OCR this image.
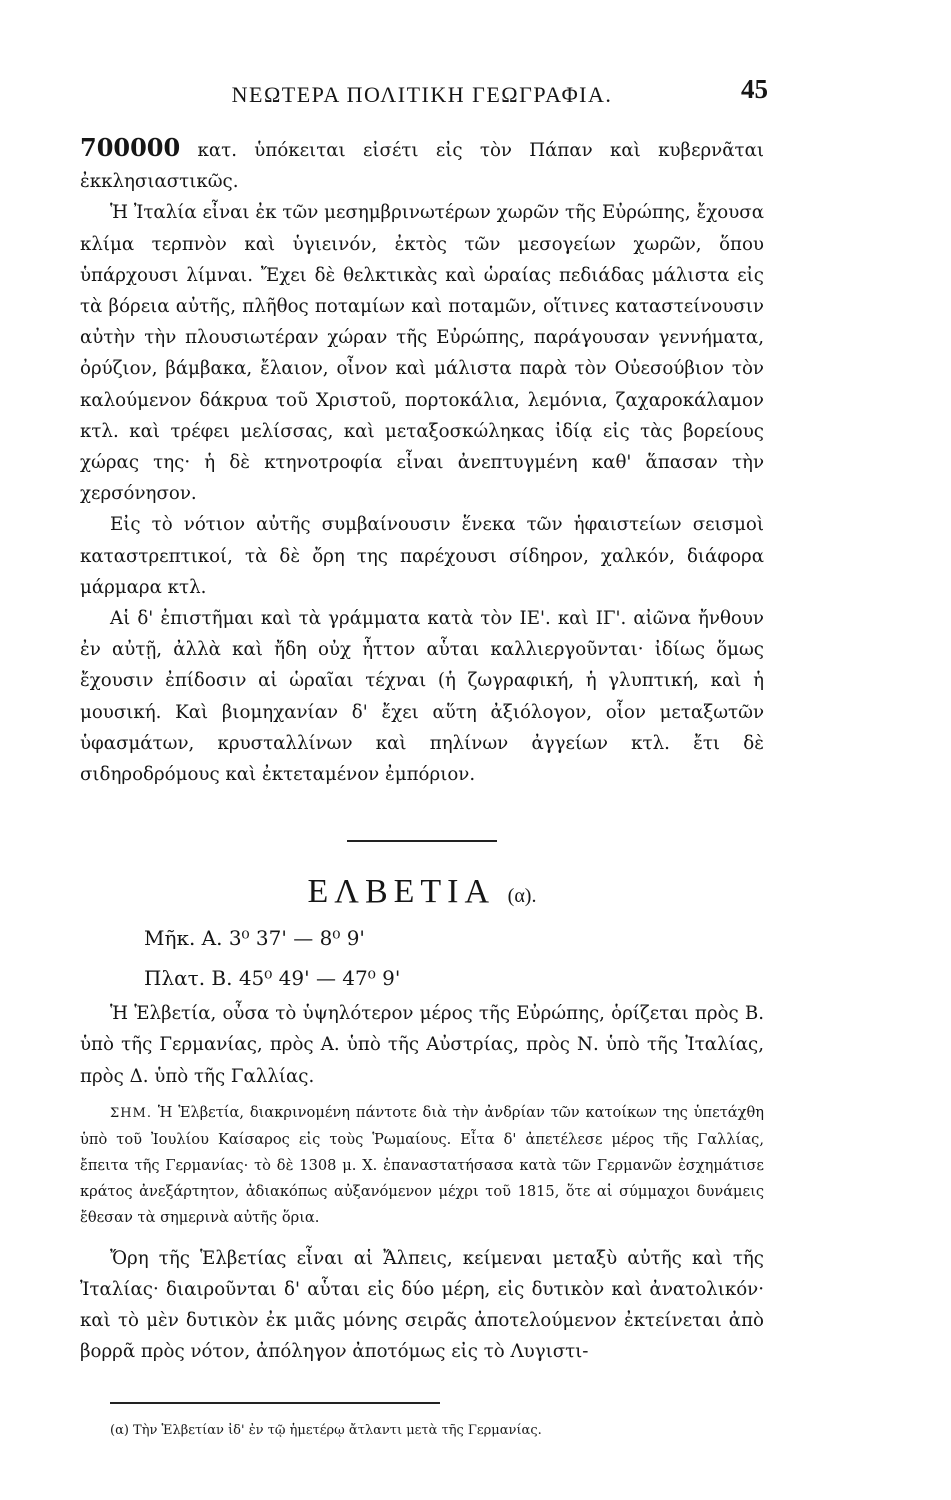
ΝΕΩΤΕΡΑ ΠΟΛΙΤΙΚΗ ΓΕΩΓΡΑΦΙΑ.	45

700000 κατ. ὑπόκειται εἰσέτι εἰς τὸν Πάπαν καὶ κυβερνᾶται ἐκκλησιαστικῶς.

Ἡ Ἰταλία εἶναι ἐκ τῶν μεσημβρινωτέρων χωρῶν τῆς Εὐρώπης, ἔχουσα κλίμα τερπνὸν καὶ ὑγιεινόν, ἐκτὸς τῶν μεσογείων χωρῶν, ὅπου ὑπάρχουσι λίμναι. Ἔχει δὲ θελκτικὰς καὶ ὡραίας πεδιάδας μάλιστα εἰς τὰ βόρεια αὐτῆς, πλῆθος ποταμίων καὶ ποταμῶν, οἵτινες καταστείνουσιν αὐτὴν τὴν πλουσιωτέραν χώραν τῆς Εὐρώπης, παράγουσαν γεννήματα, ὀρύζιον, βάμβακα, ἔλαιον, οἶνον καὶ μάλιστα παρὰ τὸν Οὐεσούβιον τὸν καλούμενον δάκρυα τοῦ Χριστοῦ, πορτοκάλια, λεμόνια, ζαχαροκάλαμον κτλ. καὶ τρέφει μελίσσας, καὶ μεταξοσκώληκας ἰδίᾳ εἰς τὰς βορείους χώρας της· ἡ δὲ κτηνοτροφία εἶναι ἀνεπτυγμένη καθ' ἅπασαν τὴν χερσόνησον.

Εἰς τὸ νότιον αὐτῆς συμβαίνουσιν ἕνεκα τῶν ἡφαιστείων σεισμοὶ καταστρεπτικοί, τὰ δὲ ὄρη της παρέχουσι σίδηρον, χαλκόν, διάφορα μάρμαρα κτλ.

Αἱ δ' ἐπιστῆμαι καὶ τὰ γράμματα κατὰ τὸν ΙΕ'. καὶ ΙΓ'. αἰῶνα ἤνθουν ἐν αὐτῇ, ἀλλὰ καὶ ἤδη οὐχ ἧττον αὗται καλλιεργοῦνται· ἰδίως ὅμως ἔχουσιν ἐπίδοσιν αἱ ὡραῖαι τέχναι (ἡ ζωγραφική, ἡ γλυπτική, καὶ ἡ μουσική. Καὶ βιομηχανίαν δ' ἔχει αὕτη ἀξιόλογον, οἷον μεταξωτῶν ὑφασμάτων, κρυσταλλίνων καὶ πηλίνων ἀγγείων κτλ. ἔτι δὲ σιδηροδρόμους καὶ ἐκτεταμένον ἐμπόριον.

ΕΛΒΕΤΙΑ (α).

Μῆκ. Α. 3⁰ 37' — 8⁰ 9'

Πλατ. Β. 45⁰ 49' — 47⁰ 9'

Ἡ Ἑλβετία, οὖσα τὸ ὑψηλότερον μέρος τῆς Εὐρώπης, ὁρίζεται πρὸς Β. ὑπὸ τῆς Γερμανίας, πρὸς Α. ὑπὸ τῆς Αὐστρίας, πρὸς Ν. ὑπὸ τῆς Ἰταλίας, πρὸς Δ. ὑπὸ τῆς Γαλλίας.

ΣΗΜ. Ἡ Ἑλβετία, διακρινομένη πάντοτε διὰ τὴν ἀνδρίαν τῶν κατοίκων της ὑπετάχθη ὑπὸ τοῦ Ἰουλίου Καίσαρος εἰς τοὺς Ῥωμαίους. Εἶτα δ' ἀπετέλεσε μέρος τῆς Γαλλίας, ἔπειτα τῆς Γερμανίας· τὸ δὲ 1308 μ. Χ. ἐπαναστατήσασα κατὰ τῶν Γερμανῶν ἐσχημάτισε κράτος ἀνεξάρτητον, ἀδιακόπως αὐξανόμενον μέχρι τοῦ 1815, ὅτε αἱ σύμμαχοι δυνάμεις ἔθεσαν τὰ σημερινὰ αὐτῆς ὅρια.

Ὄρη τῆς Ἑλβετίας εἶναι αἱ Ἄλπεις, κείμεναι μεταξὺ αὐτῆς καὶ τῆς Ἰταλίας· διαιροῦνται δ' αὗται εἰς δύο μέρη, εἰς δυτικὸν καὶ ἀνατολικόν· καὶ τὸ μὲν δυτικὸν ἐκ μιᾶς μόνης σειρᾶς ἀποτελούμενον ἐκτείνεται ἀπὸ βορρᾶ πρὸς νότον, ἀπόληγον ἀποτόμως εἰς τὸ Λυγιστι-

(α) Τὴν Ἑλβετίαν ἰδ' ἐν τῷ ἡμετέρῳ ἄτλαντι μετὰ τῆς Γερμανίας.
